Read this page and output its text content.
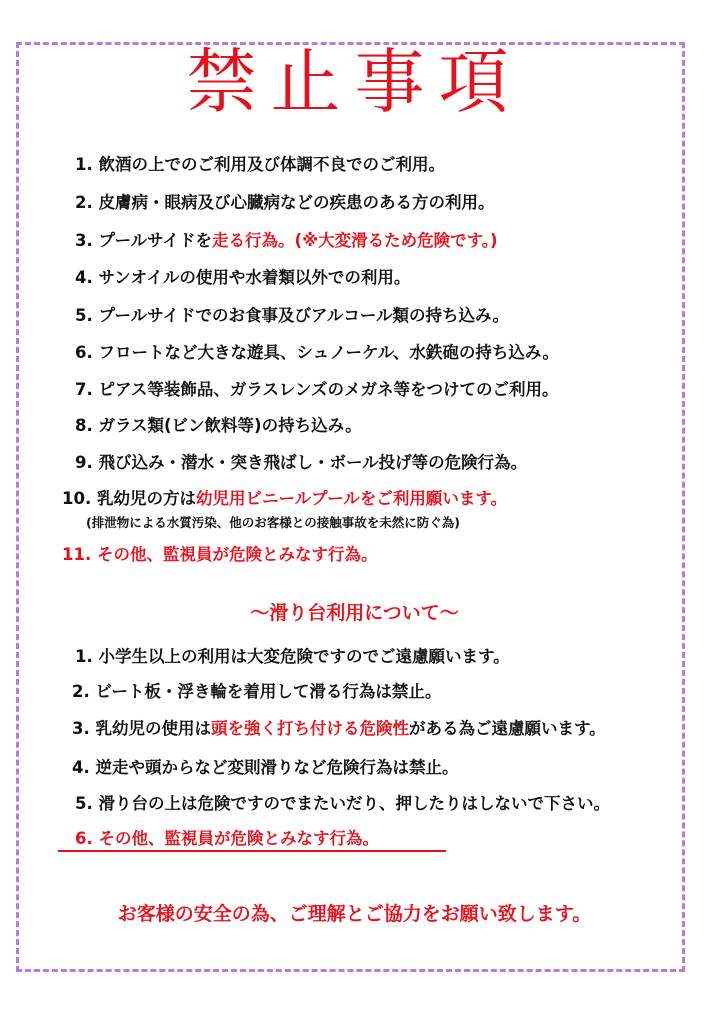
禁止事項
1. 飲酒の上でのご利用及び体調不良でのご利用。
2. 皮膚病・眼病及び心臓病などの疾患のある方の利用。
3. プールサイドを走る行為。(※大変滑るため危険です。)
4. サンオイルの使用や水着類以外での利用。
5. プールサイドでのお食事及びアルコール類の持ち込み。
6. フロートなど大きな遊具、シュノーケル、水鉄砲の持ち込み。
7. ピアス等装飾品、ガラスレンズのメガネ等をつけてのご利用。
8. ガラス類(ビン飲料等)の持ち込み。
9. 飛び込み・潜水・突き飛ばし・ボール投げ等の危険行為。
10. 乳幼児の方は幼児用ビニールプールをご利用願います。
(排泄物による水質汚染、他のお客様との接触事故を未然に防ぐ為)
11. その他、監視員が危険とみなす行為。
～滑り台利用について～
1. 小学生以上の利用は大変危険ですのでご遠慮願います。
2. ビート板・浮き輪を着用して滑る行為は禁止。
3. 乳幼児の使用は頭を強く打ち付ける危険性がある為ご遠慮願います。
4. 逆走や頭からなど変則滑りなど危険行為は禁止。
5. 滑り台の上は危険ですのでまたいだり、押したりはしないで下さい。
6. その他、監視員が危険とみなす行為。
お客様の安全の為、ご理解とご協力をお願い致します。
